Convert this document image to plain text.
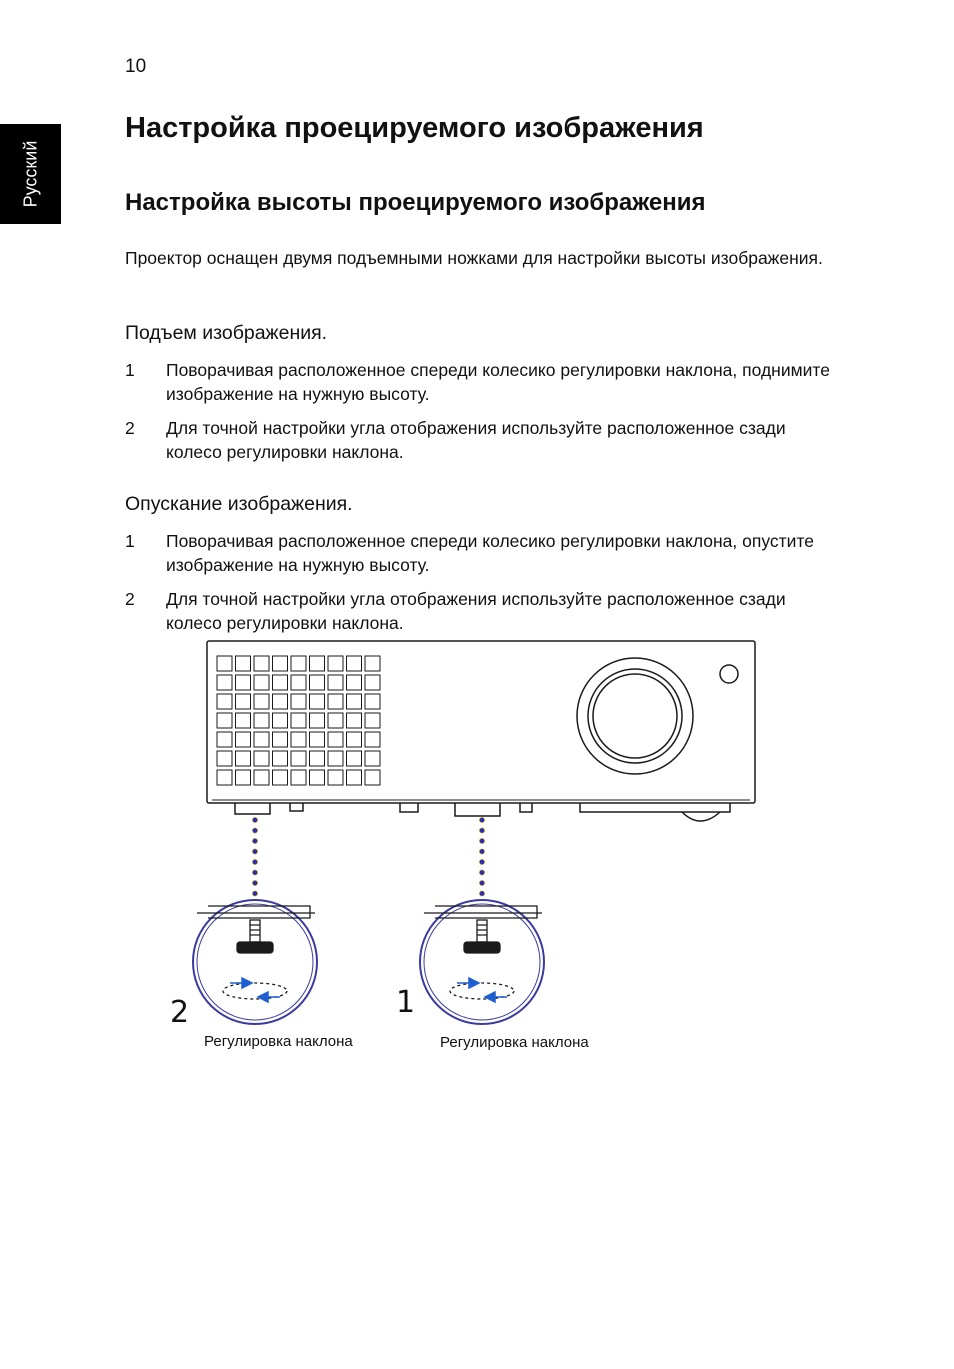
10
Русский
Настройка проецируемого изображения
Настройка высоты проецируемого изображения

Проектор оснащен двумя подъемными ножками для настройки высоты изображения.

Подъем изображения.

1 Поворачивая расположенное спереди колесико регулировки наклона, поднимите изображение на нужную высоту.
2 Для точной настройки угла отображения используйте расположенное сзади колесо регулировки наклона.

Опускание изображения.

1 Поворачивая расположенное спереди колесико регулировки наклона, опустите изображение на нужную высоту.
2 Для точной настройки угла отображения используйте расположенное сзади колесо регулировки наклона.
2	1
Регулировка наклона	Регулировка наклона
